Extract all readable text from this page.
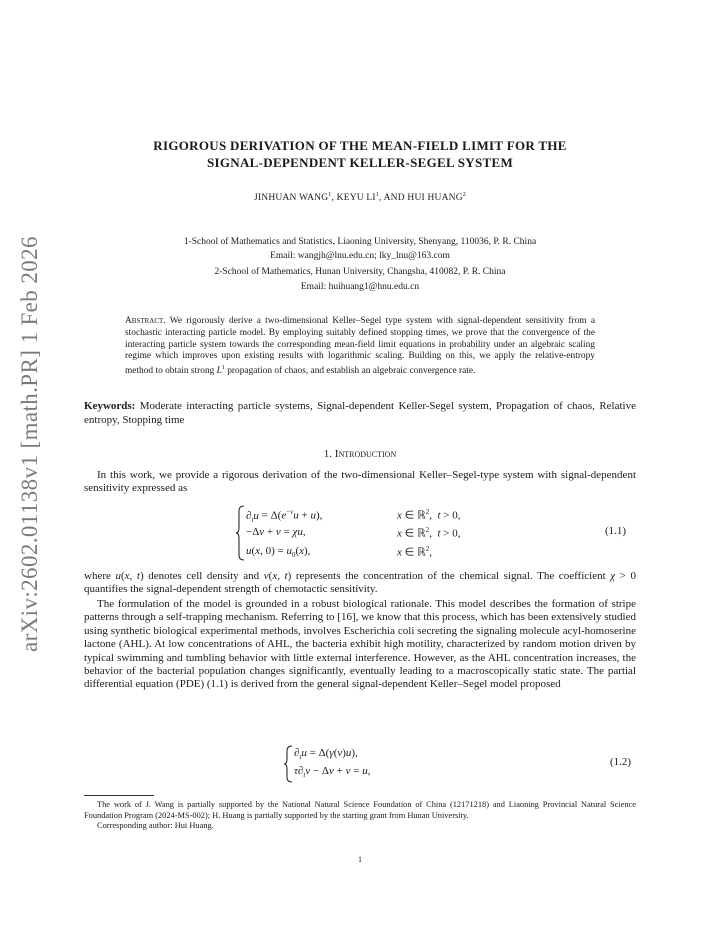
arXiv:2602.01138v1 [math.PR] 1 Feb 2026
RIGOROUS DERIVATION OF THE MEAN-FIELD LIMIT FOR THE
SIGNAL-DEPENDENT KELLER-SEGEL SYSTEM
JINHUAN WANG$^1$, KEYU $LI^1$, AND HUI HUANG$^2$
1-School of Mathematics and Statistics, Liaoning University, Shenyang, 110036, P. R. China
Email: wangjh@lnu.edu.cn; lky_lnu@163.com
2-School of Mathematics, Hunan University, Changsha, 410082, P. R. China
Email: huihuang1@hnu.edu.cn
Abstract. We rigorously derive a two-dimensional Keller–Segel type system with signal-dependent sensitivity from a stochastic interacting particle model. By employing suitably defined stopping times, we prove that the convergence of the interacting particle system towards the corresponding mean-field limit equations in probability under an algebraic scaling regime which improves upon existing results with logarithmic scaling. Building on this, we apply the relative-entropy method to obtain strong $L^1$ propagation of chaos, and establish an algebraic convergence rate.
Keywords: Moderate interacting particle systems, Signal-dependent Keller-Segel system, Propagation of chaos, Relative entropy, Stopping time
1. Introduction
In this work, we provide a rigorous derivation of the two-dimensional Keller–Segel-type system with signal-dependent sensitivity expressed as
$\partial_tu = \Delta(e^{-v}u + u)$,	x ∈ ℝ$^2$,  t > 0,
−Δv + v = χu,	x ∈ ℝ$^2$,  t > 0,
u(x, $0) = u_0(x)$,	x ∈ ℝ$^2$,
(1.1)
where u(x, t) denotes cell density and v(x, t) represents the concentration of the chemical signal. The coefficient χ > 0 quantifies the signal-dependent strength of chemotactic sensitivity.
The formulation of the model is grounded in a robust biological rationale. This model describes the formation of stripe patterns through a self-trapping mechanism. Referring to [16], we know that this process, which has been extensively studied using synthetic biological experimental methods, involves Escherichia coli secreting the signaling molecule acyl-homoserine lactone (AHL). At low concentrations of AHL, the bacteria exhibit high motility, characterized by random motion driven by typical swimming and tumbling behavior with little external interference. However, as the AHL concentration increases, the behavior of the bacterial population changes significantly, eventually leading to a macroscopically static state. The partial differential equation (PDE) (1.1) is derived from the general signal-dependent Keller–Segel model proposed
$\partial_tu = \Delta(\gamma(v)u)$,
$\tau\partial_tv - \Delta v + v = u$,
(1.2)
The work of J. Wang is partially supported by the National Natural Science Foundation of China (12171218) and Liaoning Provincial Natural Science Foundation Program (2024-MS-002); H. Huang is partially supported by the starting grant from Hunan University.
Corresponding author: Hui Huang.
1
